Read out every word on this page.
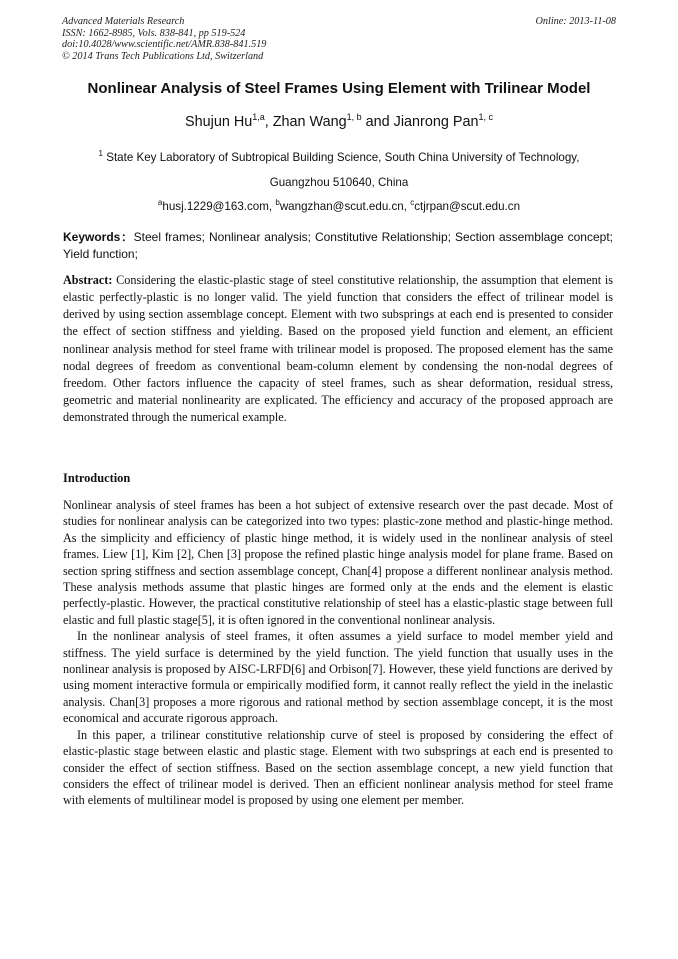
Advanced Materials Research
ISSN: 1662-8985, Vols. 838-841, pp 519-524
doi:10.4028/www.scientific.net/AMR.838-841.519
© 2014 Trans Tech Publications Ltd, Switzerland
Online: 2013-11-08
Nonlinear Analysis of Steel Frames Using Element with Trilinear Model
Shujun Hu$^{1,a}$, Zhan Wang$^{1, b}$ and Jianrong Pan$^{1, c}$
$^1$ State Key Laboratory of Subtropical Building Science, South China University of Technology,
Guangzhou 510640, China
$^a$husj.1229@163.com, $^b$wangzhan@scut.edu.cn, $^c$ctjrpan@scut.edu.cn
Keywords：Steel frames; Nonlinear analysis; Constitutive Relationship; Section assemblage concept; Yield function;
Abstract: Considering the elastic-plastic stage of steel constitutive relationship, the assumption that element is elastic perfectly-plastic is no longer valid. The yield function that considers the effect of trilinear model is derived by using section assemblage concept. Element with two subsprings at each end is presented to consider the effect of section stiffness and yielding. Based on the proposed yield function and element, an efficient nonlinear analysis method for steel frame with trilinear model is proposed. The proposed element has the same nodal degrees of freedom as conventional beam-column element by condensing the non-nodal degrees of freedom. Other factors influence the capacity of steel frames, such as shear deformation, residual stress, geometric and material nonlinearity are explicated. The efficiency and accuracy of the proposed approach are demonstrated through the numerical example.
Introduction

Nonlinear analysis of steel frames has been a hot subject of extensive research over the past decade. Most of studies for nonlinear analysis can be categorized into two types: plastic-zone method and plastic-hinge method. As the simplicity and efficiency of plastic hinge method, it is widely used in the nonlinear analysis of steel frames. Liew [1], Kim [2], Chen [3] propose the refined plastic hinge analysis model for plane frame. Based on section spring stiffness and section assemblage concept, Chan[4] propose a different nonlinear analysis method. These analysis methods assume that plastic hinges are formed only at the ends and the element is elastic perfectly-plastic. However, the practical constitutive relationship of steel has a elastic-plastic stage between full elastic and full plastic stage[5], it is often ignored in the conventional nonlinear analysis.

In the nonlinear analysis of steel frames, it often assumes a yield surface to model member yield and stiffness. The yield surface is determined by the yield function. The yield function that usually uses in the nonlinear analysis is proposed by AISC-LRFD[6] and Orbison[7]. However, these yield functions are derived by using moment interactive formula or empirically modified form, it cannot really reflect the yield in the inelastic analysis. Chan[3] proposes a more rigorous and rational method by section assemblage concept, it is the most economical and accurate rigorous approach.

In this paper, a trilinear constitutive relationship curve of steel is proposed by considering the effect of elastic-plastic stage between elastic and plastic stage. Element with two subsprings at each end is presented to consider the effect of section stiffness. Based on the section assemblage concept, a new yield function that considers the effect of trilinear model is derived. Then an efficient nonlinear analysis method for steel frame with elements of multilinear model is proposed by using one element per member.
